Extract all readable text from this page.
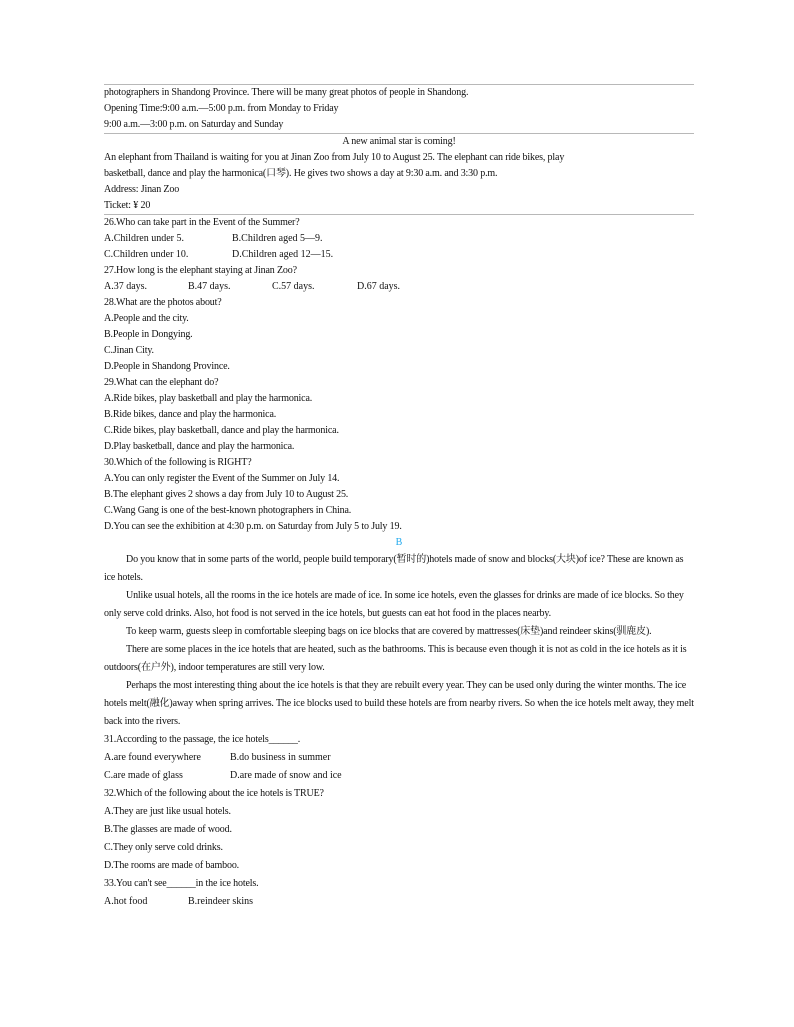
photographers in Shandong Province. There will be many great photos of people in Shandong.
Opening Time:9:00 a.m.—5:00 p.m. from Monday to Friday
9:00 a.m.—3:00 p.m. on Saturday and Sunday
A new animal star is coming!
An elephant from Thailand is waiting for you at Jinan Zoo from July 10 to August 25. The elephant can ride bikes, play
basketball, dance and play the harmonica(口琴). He gives two shows a day at 9:30 a.m. and 3:30 p.m.
Address: Jinan Zoo
Ticket: ¥ 20
26.Who can take part in the Event of the Summer?
A.Children under 5.	B.Children aged 5—9.
C.Children under 10.	D.Children aged 12—15.
27.How long is the elephant staying at Jinan Zoo?
A.37 days.	B.47 days.	C.57 days.	D.67 days.
28.What are the photos about?
A.People and the city.
B.People in Dongying.
C.Jinan City.
D.People in Shandong Province.
29.What can the elephant do?
A.Ride bikes, play basketball and play the harmonica.
B.Ride bikes, dance and play the harmonica.
C.Ride bikes, play basketball, dance and play the harmonica.
D.Play basketball, dance and play the harmonica.
30.Which of the following is RIGHT?
A.You can only register the Event of the Summer on July 14.
B.The elephant gives 2 shows a day from July 10 to August 25.
C.Wang Gang is one of the best-known photographers in China.
D.You can see the exhibition at 4:30 p.m. on Saturday from July 5 to July 19.
B
Do you know that in some parts of the world, people build temporary(暂时的)hotels made of snow and blocks(大块)of ice? These are known as ice hotels.
Unlike usual hotels, all the rooms in the ice hotels are made of ice. In some ice hotels, even the glasses for drinks are made of ice blocks. So they only serve cold drinks. Also, hot food is not served in the ice hotels, but guests can eat hot food in the places nearby.
To keep warm, guests sleep in comfortable sleeping bags on ice blocks that are covered by mattresses(床垫)and reindeer skins(驯鹿皮).
There are some places in the ice hotels that are heated, such as the bathrooms. This is because even though it is not as cold in the ice hotels as it is outdoors(在户外), indoor temperatures are still very low.
Perhaps the most interesting thing about the ice hotels is that they are rebuilt every year. They can be used only during the winter months. The ice hotels melt(融化)away when spring arrives. The ice blocks used to build these hotels are from nearby rivers. So when the ice hotels melt away, they melt back into the rivers.
31.According to the passage, the ice hotels______.
A.are found everywhere	B.do business in summer
C.are made of glass	D.are made of snow and ice
32.Which of the following about the ice hotels is TRUE?
A.They are just like usual hotels.
B.The glasses are made of wood.
C.They only serve cold drinks.
D.The rooms are made of bamboo.
33.You can't see______in the ice hotels.
A.hot food	B.reindeer skins
